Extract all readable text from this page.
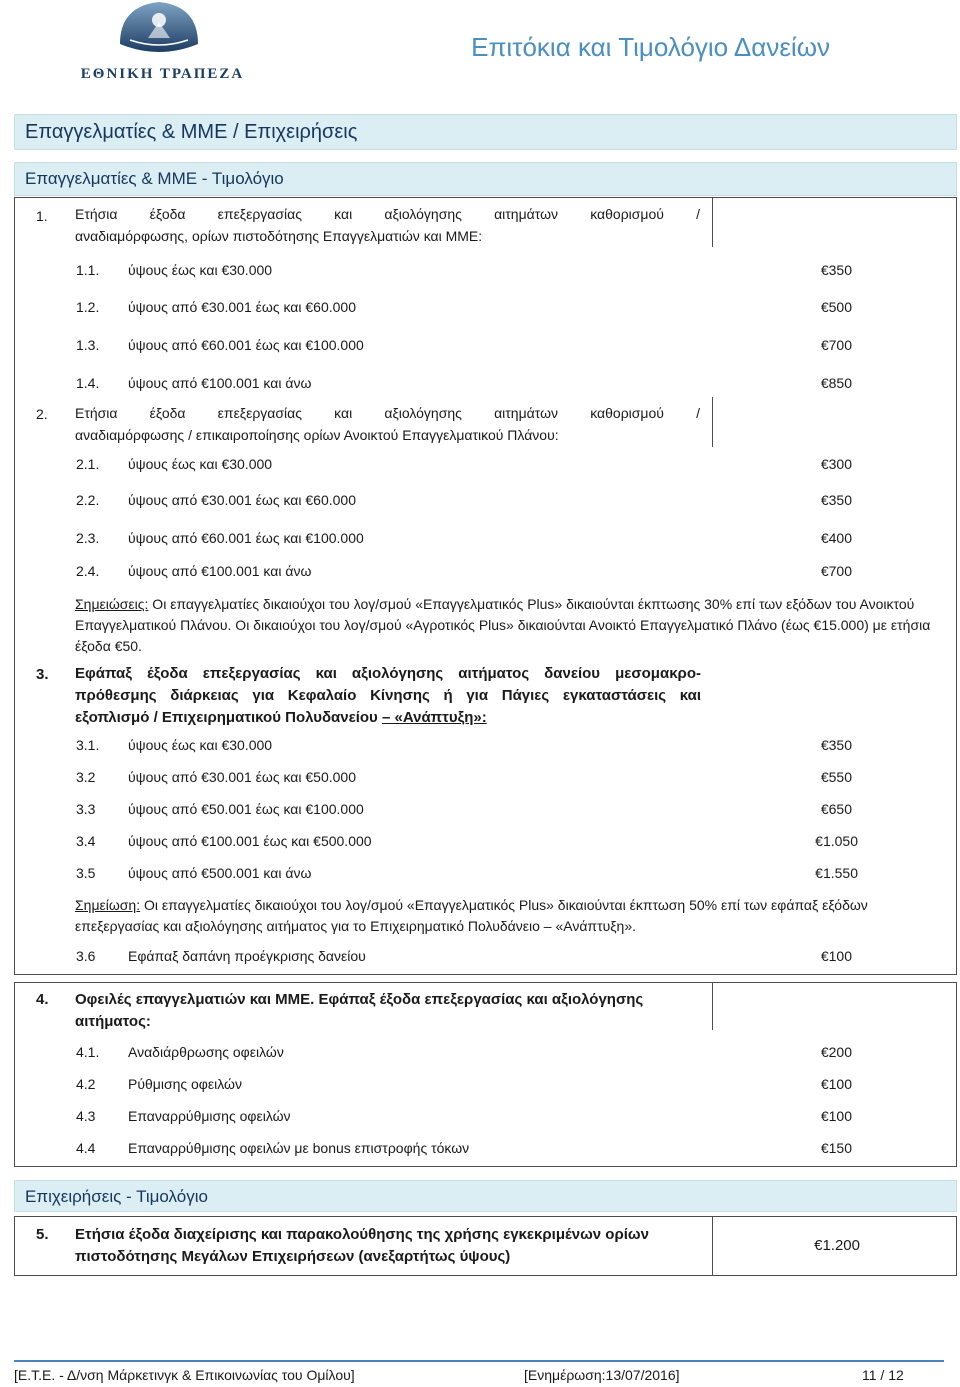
ΕΘΝΙΚΗ ΤΡΑΠΕΖΑ
Επιτόκια και Τιμολόγιο Δανείων
Επαγγελματίες & ΜΜΕ / Επιχειρήσεις
Επαγγελματίες & ΜΜΕ - Τιμολόγιο
1. Ετήσια έξοδα επεξεργασίας και αξιολόγησης αιτημάτων καθορισμού /
αναδιαμόρφωσης, ορίων πιστοδότησης Επαγγελματιών και ΜΜΕ:
1.1. ύψους έως και €30.000	€350
1.2. ύψους από €30.001 έως και €60.000	€500
1.3. ύψους από €60.001 έως και €100.000	€700
1.4. ύψους από €100.001 και άνω	€850
2. Ετήσια έξοδα επεξεργασίας και αξιολόγησης αιτημάτων καθορισμού /
αναδιαμόρφωσης / επικαιροποίησης ορίων Ανοικτού Επαγγελματικού Πλάνου:
2.1. ύψους έως και €30.000	€300
2.2. ύψους από €30.001 έως και €60.000	€350
2.3. ύψους από €60.001 έως και €100.000	€400
2.4. ύψους από €100.001 και άνω	€700
Σημειώσεις: Οι επαγγελματίες δικαιούχοι του λογ/σμού «Επαγγελματικός Plus» δικαιούνται έκπτωσης 30% επί των εξόδων του Ανοικτού Επαγγελματικού Πλάνου. Οι δικαιούχοι του λογ/σμού «Αγροτικός Plus» δικαιούνται Ανοικτό Επαγγελματικό Πλάνο (έως €15.000) με ετήσια έξοδα €50.
3. Εφάπαξ έξοδα επεξεργασίας και αξιολόγησης αιτήματος δανείου μεσομακρο-
πρόθεσμης διάρκειας για Κεφαλαίο Κίνησης ή για Πάγιες εγκαταστάσεις και
εξοπλισμό / Επιχειρηματικού Πολυδανείου – «Ανάπτυξη»:
3.1. ύψους έως και €30.000	€350
3.2 ύψους από €30.001 έως και €50.000	€550
3.3 ύψους από €50.001 έως και €100.000	€650
3.4 ύψους από €100.001 έως και €500.000	€1.050
3.5 ύψους από €500.001 και άνω	€1.550
Σημείωση: Οι επαγγελματίες δικαιούχοι του λογ/σμού «Επαγγελματικός Plus» δικαιούνται έκπτωση 50% επί των εφάπαξ εξόδων επεξεργασίας και αξιολόγησης αιτήματος για το Επιχειρηματικό Πολυδάνειο – «Ανάπτυξη».
3.6 Εφάπαξ δαπάνη προέγκρισης δανείου	€100
4. Οφειλές επαγγελματιών και ΜΜΕ. Εφάπαξ έξοδα επεξεργασίας και αξιολόγησης
αιτήματος:
4.1. Αναδιάρθρωσης οφειλών	€200
4.2 Ρύθμισης οφειλών	€100
4.3 Επαναρρύθμισης οφειλών	€100
4.4 Επαναρρύθμισης οφειλών με bonus επιστροφής τόκων	€150
Επιχειρήσεις - Τιμολόγιο
5. Ετήσια έξοδα διαχείρισης και παρακολούθησης της χρήσης εγκεκριμένων ορίων
πιστοδότησης Μεγάλων Επιχειρήσεων (ανεξαρτήτως ύψους)
€1.200
[Ε.Τ.Ε. - Δ/νση Μάρκετινγκ & Επικοινωνίας του Ομίλου]	[Ενημέρωση:13/07/2016]	11 / 12
